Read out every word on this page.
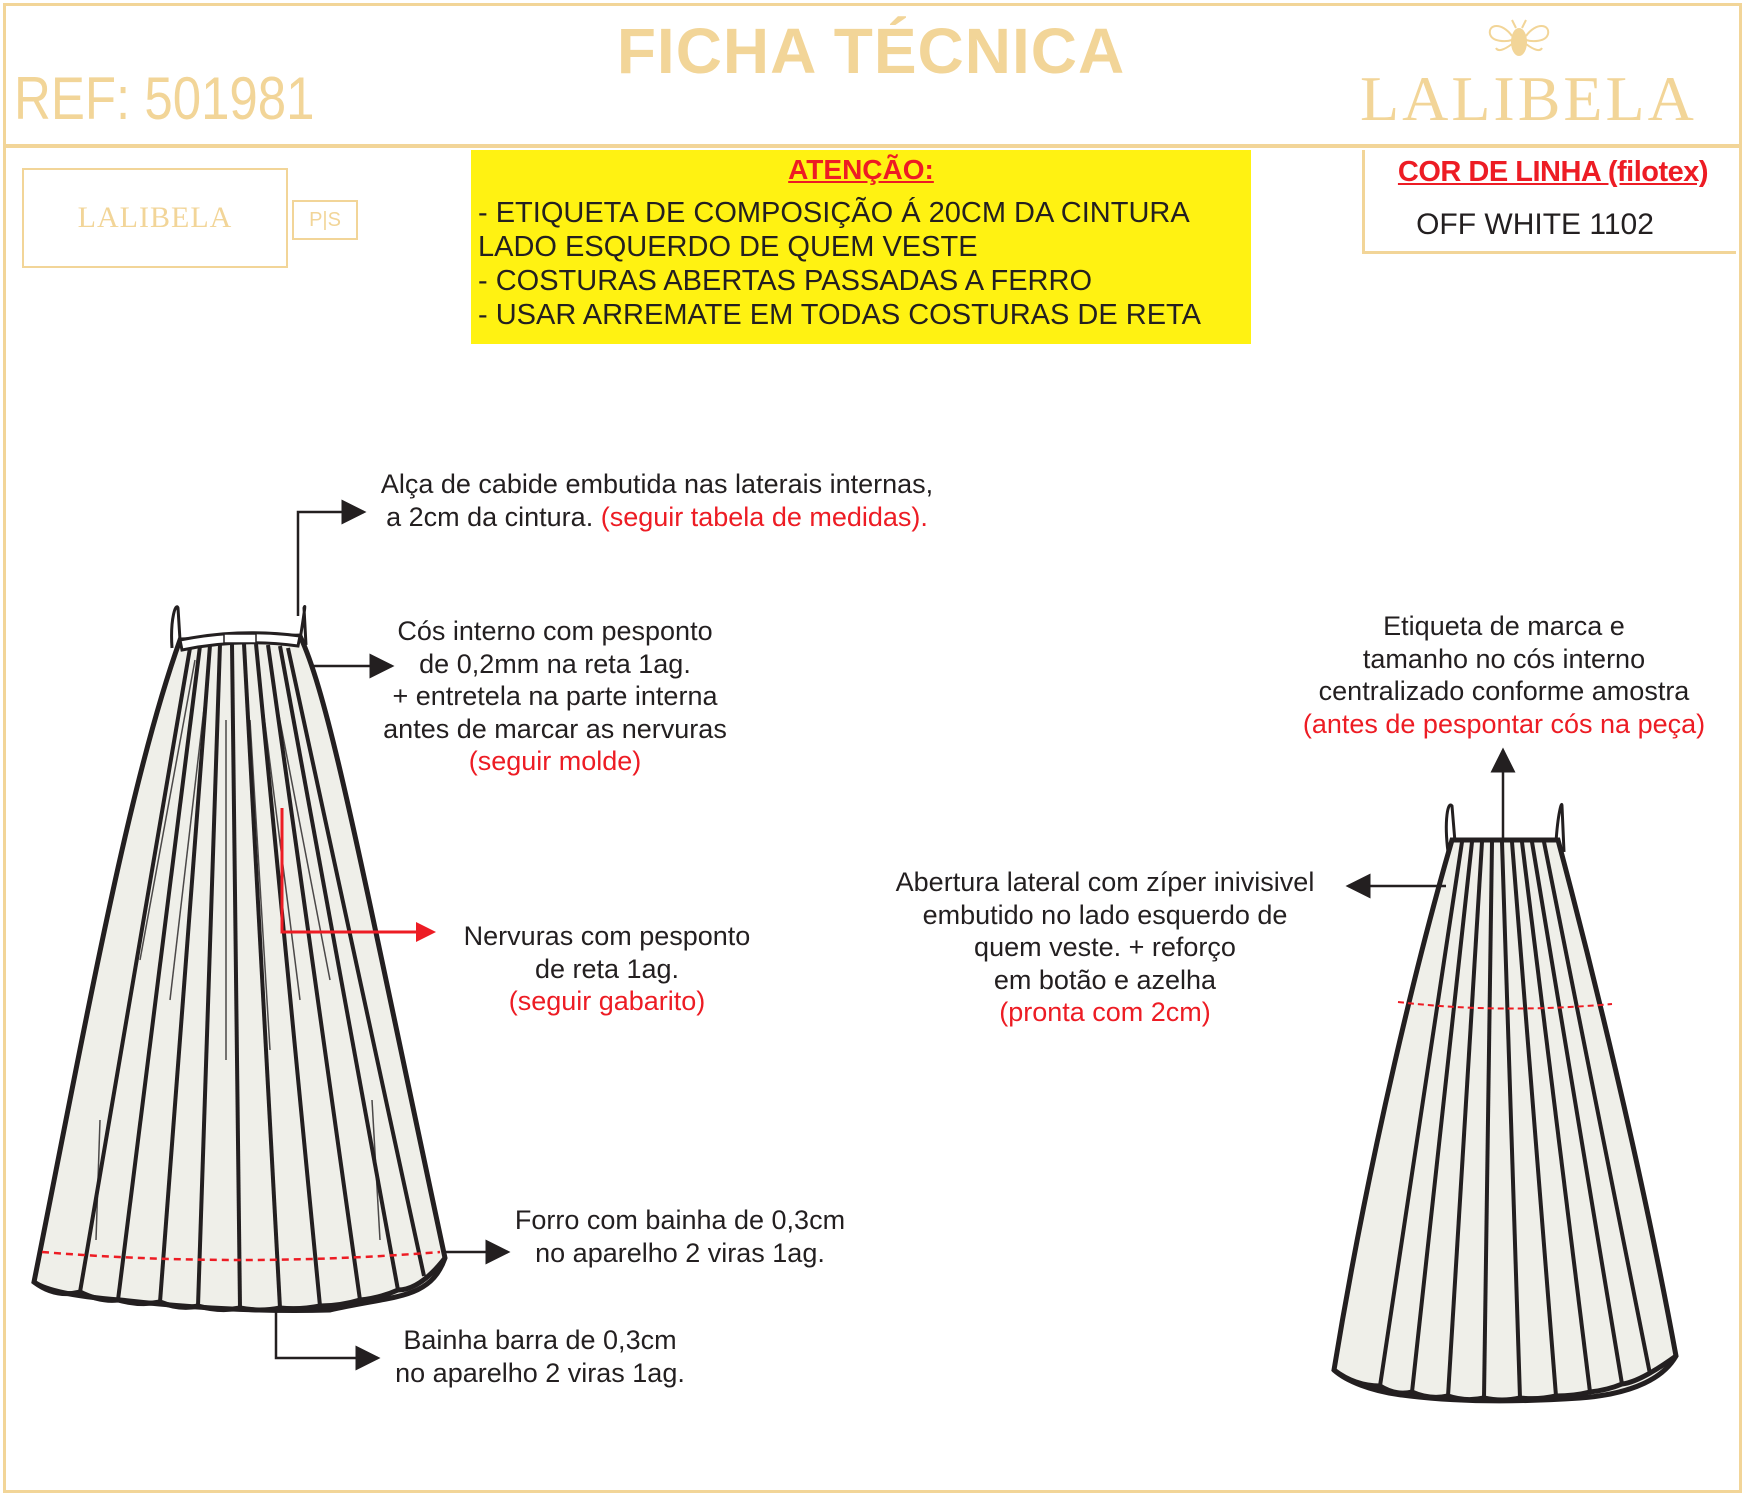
FICHA TÉCNICA
REF: 501981	LALIBELA
LALIBELA	P|S
ATENÇÃO:
- ETIQUETA DE COMPOSIÇÃO Á 20CM DA CINTURA
LADO ESQUERDO DE QUEM VESTE
- COSTURAS ABERTAS PASSADAS A FERRO
- USAR ARREMATE EM TODAS COSTURAS DE RETA
COR DE LINHA (filotex)
OFF WHITE 1102
Alça de cabide embutida nas laterais internas,
a 2cm da cintura. (seguir tabela de medidas).
Cós interno com pesponto
de 0,2mm na reta 1ag.
+ entretela na parte interna
antes de marcar as nervuras
(seguir molde)
Nervuras com pesponto
de reta 1ag.
(seguir gabarito)
Forro com bainha de 0,3cm
no aparelho 2 viras 1ag.
Bainha barra de 0,3cm
no aparelho 2 viras 1ag.
Etiqueta de marca e
tamanho no cós interno
centralizado conforme amostra
(antes de pespontar cós na peça)
Abertura lateral com zíper inivisivel
embutido no lado esquerdo de
quem veste. + reforço
em botão e azelha
(pronta com 2cm)
